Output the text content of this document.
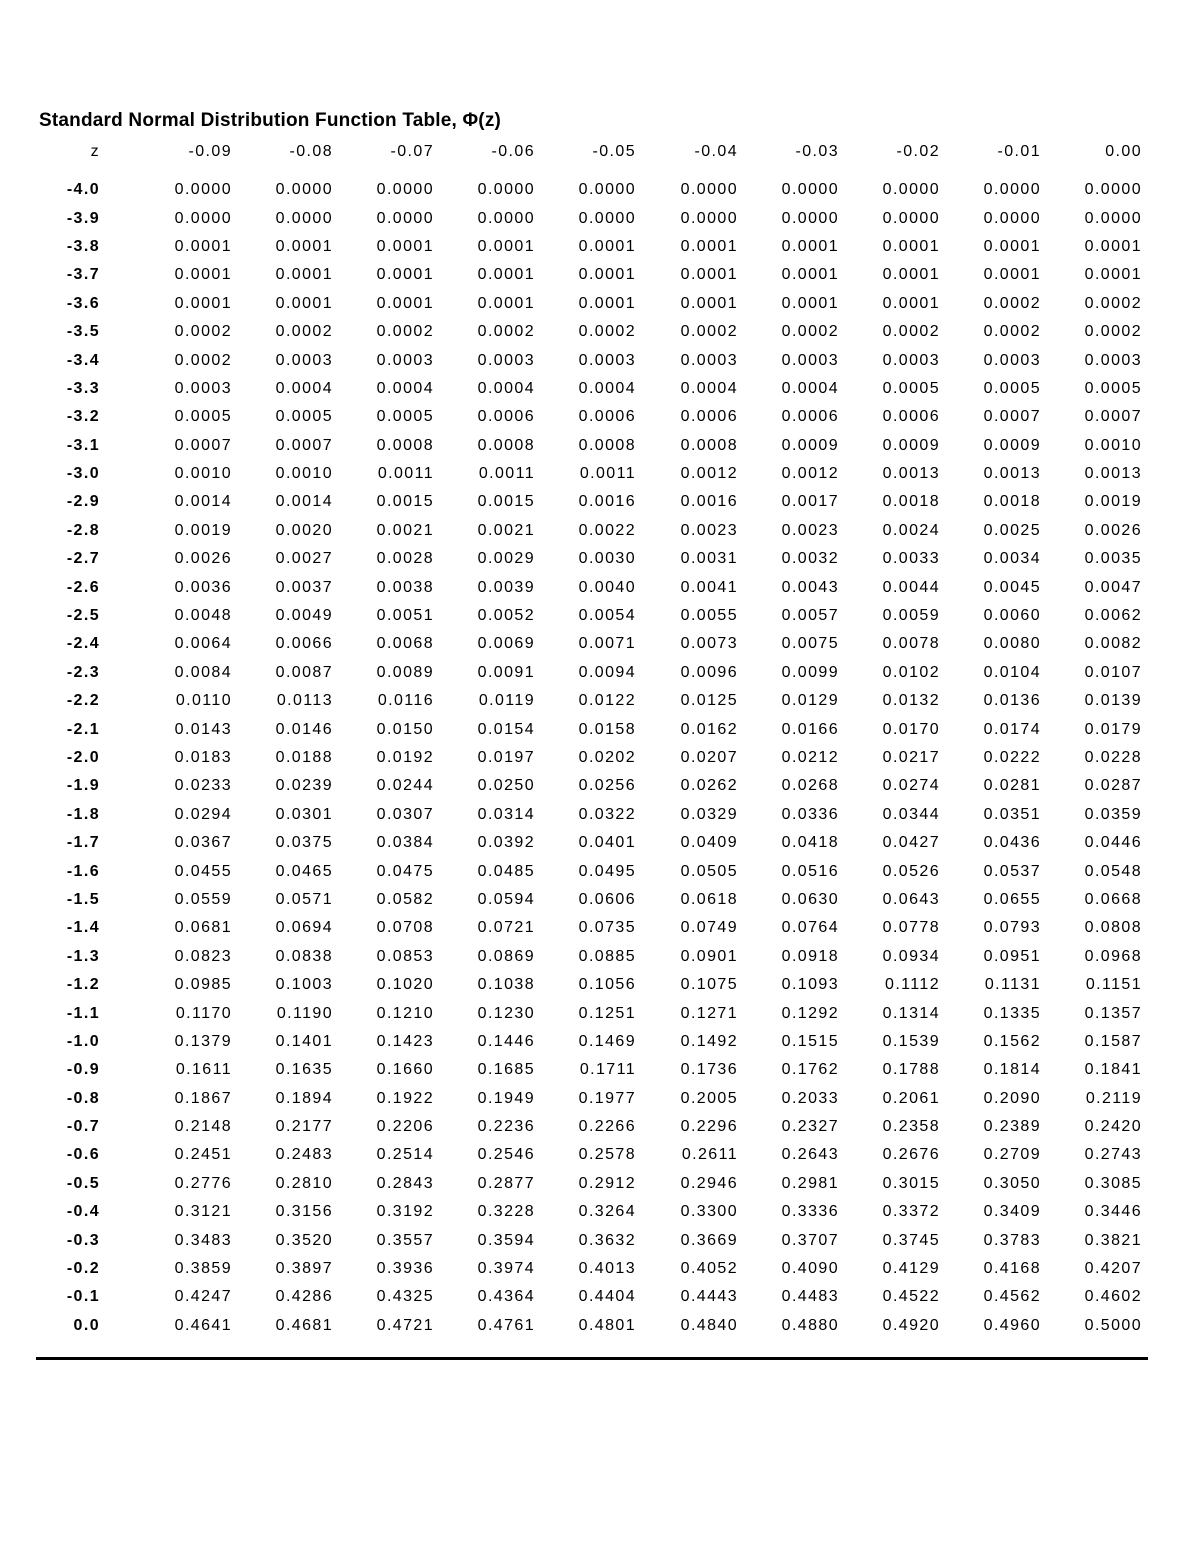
Standard Normal Distribution Function Table, Φ(z)
z	-0.09	-0.08	-0.07	-0.06	-0.05	-0.04	-0.03	-0.02	-0.01	0.00

-4.0	0.0000	0.0000	0.0000	0.0000	0.0000	0.0000	0.0000	0.0000	0.0000	0.0000
-3.9	0.0000	0.0000	0.0000	0.0000	0.0000	0.0000	0.0000	0.0000	0.0000	0.0000
-3.8	0.0001	0.0001	0.0001	0.0001	0.0001	0.0001	0.0001	0.0001	0.0001	0.0001
-3.7	0.0001	0.0001	0.0001	0.0001	0.0001	0.0001	0.0001	0.0001	0.0001	0.0001
-3.6	0.0001	0.0001	0.0001	0.0001	0.0001	0.0001	0.0001	0.0001	0.0002	0.0002
-3.5	0.0002	0.0002	0.0002	0.0002	0.0002	0.0002	0.0002	0.0002	0.0002	0.0002
-3.4	0.0002	0.0003	0.0003	0.0003	0.0003	0.0003	0.0003	0.0003	0.0003	0.0003
-3.3	0.0003	0.0004	0.0004	0.0004	0.0004	0.0004	0.0004	0.0005	0.0005	0.0005
-3.2	0.0005	0.0005	0.0005	0.0006	0.0006	0.0006	0.0006	0.0006	0.0007	0.0007
-3.1	0.0007	0.0007	0.0008	0.0008	0.0008	0.0008	0.0009	0.0009	0.0009	0.0010
-3.0	0.0010	0.0010	0.0011	0.0011	0.0011	0.0012	0.0012	0.0013	0.0013	0.0013
-2.9	0.0014	0.0014	0.0015	0.0015	0.0016	0.0016	0.0017	0.0018	0.0018	0.0019
-2.8	0.0019	0.0020	0.0021	0.0021	0.0022	0.0023	0.0023	0.0024	0.0025	0.0026
-2.7	0.0026	0.0027	0.0028	0.0029	0.0030	0.0031	0.0032	0.0033	0.0034	0.0035
-2.6	0.0036	0.0037	0.0038	0.0039	0.0040	0.0041	0.0043	0.0044	0.0045	0.0047
-2.5	0.0048	0.0049	0.0051	0.0052	0.0054	0.0055	0.0057	0.0059	0.0060	0.0062
-2.4	0.0064	0.0066	0.0068	0.0069	0.0071	0.0073	0.0075	0.0078	0.0080	0.0082
-2.3	0.0084	0.0087	0.0089	0.0091	0.0094	0.0096	0.0099	0.0102	0.0104	0.0107
-2.2	0.0110	0.0113	0.0116	0.0119	0.0122	0.0125	0.0129	0.0132	0.0136	0.0139
-2.1	0.0143	0.0146	0.0150	0.0154	0.0158	0.0162	0.0166	0.0170	0.0174	0.0179
-2.0	0.0183	0.0188	0.0192	0.0197	0.0202	0.0207	0.0212	0.0217	0.0222	0.0228
-1.9	0.0233	0.0239	0.0244	0.0250	0.0256	0.0262	0.0268	0.0274	0.0281	0.0287
-1.8	0.0294	0.0301	0.0307	0.0314	0.0322	0.0329	0.0336	0.0344	0.0351	0.0359
-1.7	0.0367	0.0375	0.0384	0.0392	0.0401	0.0409	0.0418	0.0427	0.0436	0.0446
-1.6	0.0455	0.0465	0.0475	0.0485	0.0495	0.0505	0.0516	0.0526	0.0537	0.0548
-1.5	0.0559	0.0571	0.0582	0.0594	0.0606	0.0618	0.0630	0.0643	0.0655	0.0668
-1.4	0.0681	0.0694	0.0708	0.0721	0.0735	0.0749	0.0764	0.0778	0.0793	0.0808
-1.3	0.0823	0.0838	0.0853	0.0869	0.0885	0.0901	0.0918	0.0934	0.0951	0.0968
-1.2	0.0985	0.1003	0.1020	0.1038	0.1056	0.1075	0.1093	0.1112	0.1131	0.1151
-1.1	0.1170	0.1190	0.1210	0.1230	0.1251	0.1271	0.1292	0.1314	0.1335	0.1357
-1.0	0.1379	0.1401	0.1423	0.1446	0.1469	0.1492	0.1515	0.1539	0.1562	0.1587
-0.9	0.1611	0.1635	0.1660	0.1685	0.1711	0.1736	0.1762	0.1788	0.1814	0.1841
-0.8	0.1867	0.1894	0.1922	0.1949	0.1977	0.2005	0.2033	0.2061	0.2090	0.2119
-0.7	0.2148	0.2177	0.2206	0.2236	0.2266	0.2296	0.2327	0.2358	0.2389	0.2420
-0.6	0.2451	0.2483	0.2514	0.2546	0.2578	0.2611	0.2643	0.2676	0.2709	0.2743
-0.5	0.2776	0.2810	0.2843	0.2877	0.2912	0.2946	0.2981	0.3015	0.3050	0.3085
-0.4	0.3121	0.3156	0.3192	0.3228	0.3264	0.3300	0.3336	0.3372	0.3409	0.3446
-0.3	0.3483	0.3520	0.3557	0.3594	0.3632	0.3669	0.3707	0.3745	0.3783	0.3821
-0.2	0.3859	0.3897	0.3936	0.3974	0.4013	0.4052	0.4090	0.4129	0.4168	0.4207
-0.1	0.4247	0.4286	0.4325	0.4364	0.4404	0.4443	0.4483	0.4522	0.4562	0.4602
0.0	0.4641	0.4681	0.4721	0.4761	0.4801	0.4840	0.4880	0.4920	0.4960	0.5000
